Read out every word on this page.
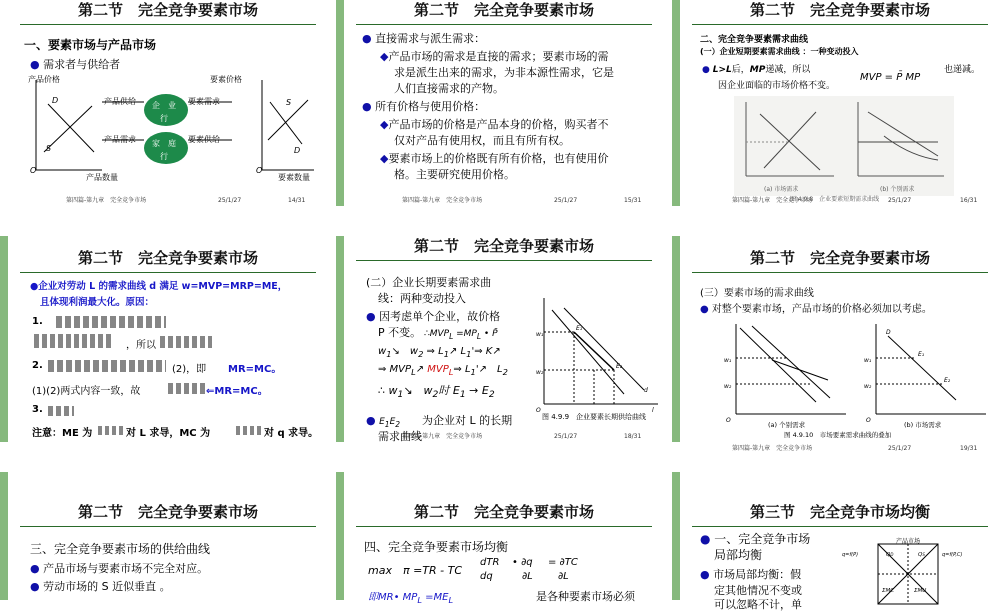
第二节　完全竞争要素市场
一、要素市场与产品市场
● 需求者与供给者
产品价格	要素价格
产品数量	要素数量
产品供给
产品需求
要素需求
要素供给
企　业
行
家　庭
行
D
S
O
S
D
O
第四篇-第九章　完全竞争市场	25/1/27	14/31
第二节　完全竞争要素市场
● 直接需求与派生需求：
◆产品市场的需求是直接的需求；要素市场的需
求是派生出来的需求，为非本源性需求，它是
人们直接需求的产物。
● 所有价格与使用价格：
◆产品市场的价格是产品本身的价格，购买者不
仅对产品有使用权，而且有所有权。
◆要素市场上的价格既有所有价格，也有使用价
格。主要研究使用价格。
第四篇-第九章　完全竞争市场	25/1/27	15/31
第二节　完全竞争要素市场
二、完全竞争要素需求曲线
(一）企业短期要素需求曲线 ：一种变动投入
● L>L后，MP递减，所以
MVP = P̄ MP
也递减。
因企业面临的市场价格不变。
(a) 市场需求	(b) 个别需求
图 4.9.8　企业要素短期需求曲线
第四篇-第九章　完全竞争市场	25/1/27	16/31
第二节　完全竞争要素市场
●企业对劳动 L 的需求曲线 d 满足 w=MVP=MRP=ME，
且体现利润最大化。原因：
1.
，所以
2.	(2)，即 MR=MC。
(1)(2)两式内容一致，故	⇐MR=MC。
3.
注意：ME 为	对 L 求导，MC 为	对 q 求导。
第二节　完全竞争要素市场
(二）企业长期要素需求曲
线：两种变动投入
● 因考虑单个企业，故价格
P 不变。 $\therefore MVP_L =MP_L$ • P̄
$w_1↘$　$w_2$ ⇒ $L_1↗$ $L_1'\Rightarrow$ K↗
⇒ $MVP_L↗$ $MVP_L\Rightarrow$ $L_1'↗$　$L_2$
∴ $w_1↘$　$w_2$时 $E_1 \to E_2$
● $E_1E_2$　　 为企业对 L 的长期
需求曲线
w₁
w₂
E₁
E₂
O	l
d
图 4.9.9　企业要素长期供给曲线
第四篇-第九章　完全竞争市场	25/1/27	18/31
第二节　完全竞争要素市场
(三）要素市场的需求曲线
● 对整个要素市场，产品市场的价格必须加以考虑。
w₁
w₂
w₁
w₂
E₁
E₂
D
O	O
(a) 个别需求	(b) 市场需求
图 4.9.10　市场要素需求曲线的叠加
第四篇-第九章　完全竞争市场	25/1/27	19/31
第二节　完全竞争要素市场
三、完全竞争要素市场的供给曲线
● 产品市场与要素市场不完全对应。
● 劳动市场的 S 近似垂直 。
第二节　完全竞争要素市场
四、完全竞争要素市场均衡
max　π =TR - TC
dTR
dq
• ∂q
　∂L
= ∂TC
　∂L
即MR• $MP_L =ME_L$	是各种要素市场必须
第三节　完全竞争市场均衡
● 一、完全竞争市场
局部均衡
● 市场局部均衡：假
定其他情况不变或
可以忽略不计，单
QD	QS
ΣMC	ΣMU
q=f(P)	q=f(P,C)
产品市场
